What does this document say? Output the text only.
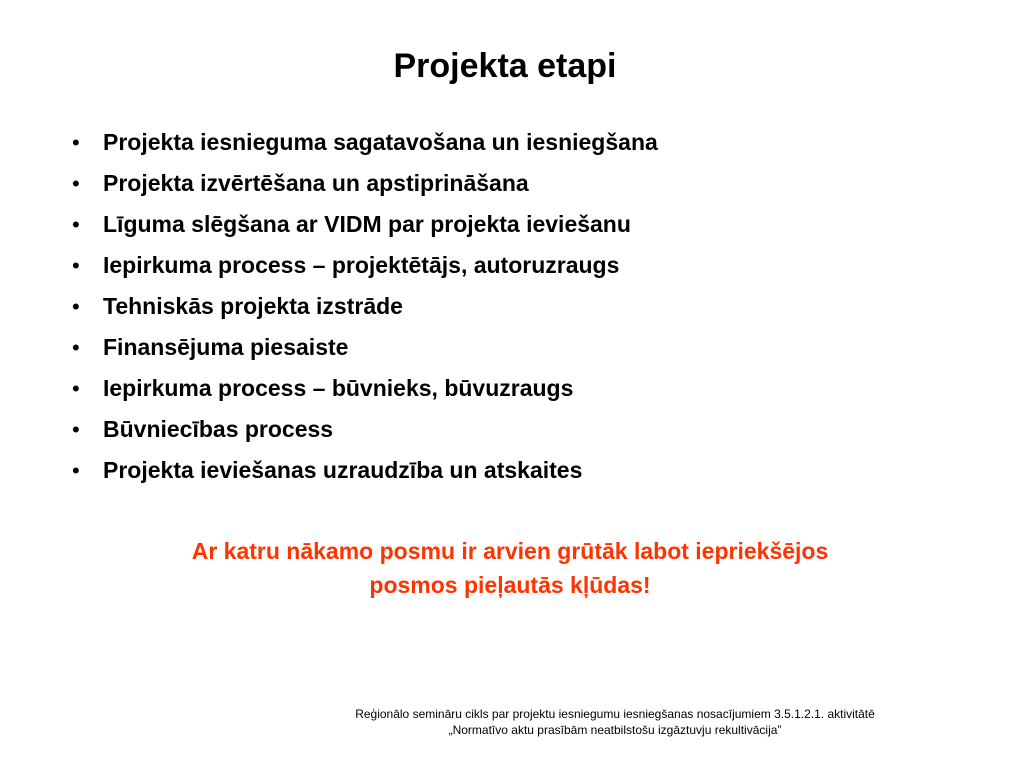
Projekta etapi
•	Projekta iesnieguma sagatavošana un iesniegšana
•	Projekta izvērtēšana un apstiprināšana
•	Līguma slēgšana ar VIDM par projekta ieviešanu
•	Iepirkuma process – projektētājs, autoruzraugs
•	Tehniskās projekta izstrāde
•	Finansējuma piesaiste
•	Iepirkuma process – būvnieks, būvuzraugs
•	Būvniecības process
•	Projekta ieviešanas uzraudzība un atskaites
Ar katru nākamo posmu ir arvien grūtāk labot iepriekšējos
posmos pieļautās kļūdas!
Reģionālo semināru cikls par projektu iesniegumu iesniegšanas nosacījumiem 3.5.1.2.1. aktivitātē
„Normatīvo aktu prasībām neatbilstošu izgāztuvju rekultivācija”
